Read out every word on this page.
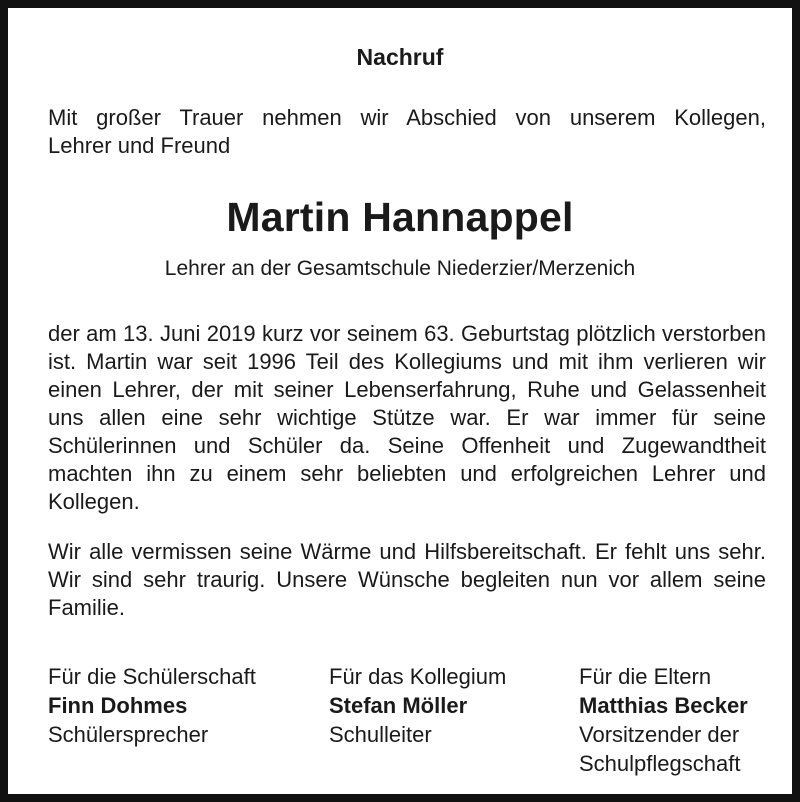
Nachruf
Mit großer Trauer nehmen wir Abschied von unserem Kollegen,
Lehrer und Freund
Martin Hannappel
Lehrer an der Gesamtschule Niederzier/Merzenich
der am 13. Juni 2019 kurz vor seinem 63. Geburtstag plötzlich verstorben ist. Martin war seit 1996 Teil des Kollegiums und mit ihm verlieren wir einen Lehrer, der mit seiner Lebenserfahrung, Ruhe und Gelassenheit uns allen eine sehr wichtige Stütze war. Er war immer für seine Schülerinnen und Schüler da. Seine Offenheit und Zugewandtheit machten ihn zu einem sehr beliebten und erfolgreichen Lehrer und Kollegen.
Wir alle vermissen seine Wärme und Hilfsbereitschaft. Er fehlt uns sehr. Wir sind sehr traurig. Unsere Wünsche begleiten nun vor allem seine Familie.
Für die Schülerschaft
Finn Dohmes
Schülersprecher
Für das Kollegium
Stefan Möller
Schulleiter
Für die Eltern
Matthias Becker
Vorsitzender der Schulpflegschaft
